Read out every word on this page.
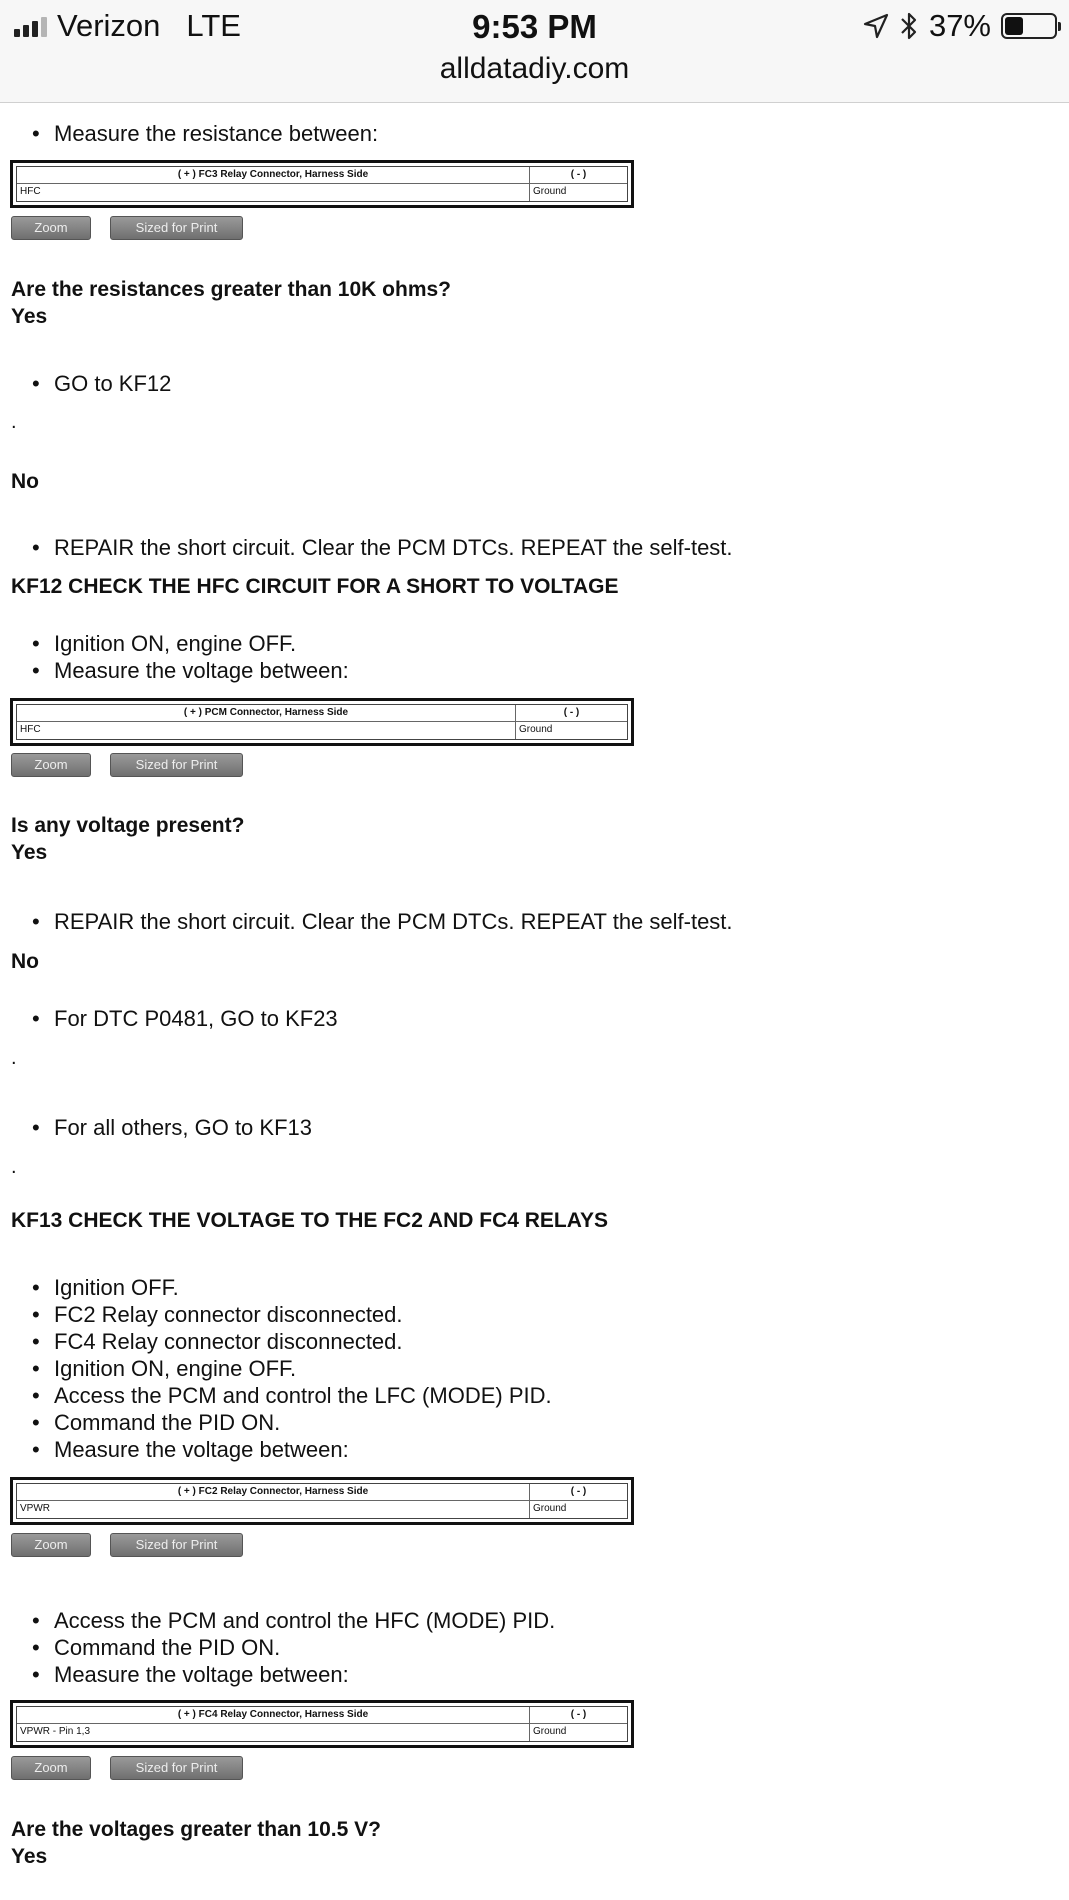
Verizon LTE	9:53 PM
alldatadiy.com
37%
• Measure the resistance between:
( + ) FC3 Relay Connector, Harness Side	( - )
HFC	Ground
Zoom	Sized for Print
Are the resistances greater than 10K ohms?
Yes
• GO to KF12
.
No
• REPAIR the short circuit. Clear the PCM DTCs. REPEAT the self-test.
KF12 CHECK THE HFC CIRCUIT FOR A SHORT TO VOLTAGE
• Ignition ON, engine OFF.
• Measure the voltage between:
( + ) PCM Connector, Harness Side	( - )
HFC	Ground
Zoom	Sized for Print
Is any voltage present?
Yes
• REPAIR the short circuit. Clear the PCM DTCs. REPEAT the self-test.
No
• For DTC P0481, GO to KF23
.
• For all others, GO to KF13
.
KF13 CHECK THE VOLTAGE TO THE FC2 AND FC4 RELAYS
• Ignition OFF.
• FC2 Relay connector disconnected.
• FC4 Relay connector disconnected.
• Ignition ON, engine OFF.
• Access the PCM and control the LFC (MODE) PID.
• Command the PID ON.
• Measure the voltage between:
( + ) FC2 Relay Connector, Harness Side	( - )
VPWR	Ground
Zoom	Sized for Print
• Access the PCM and control the HFC (MODE) PID.
• Command the PID ON.
• Measure the voltage between:
( + ) FC4 Relay Connector, Harness Side	( - )
VPWR - Pin 1,3	Ground
Zoom	Sized for Print
Are the voltages greater than 10.5 V?
Yes
